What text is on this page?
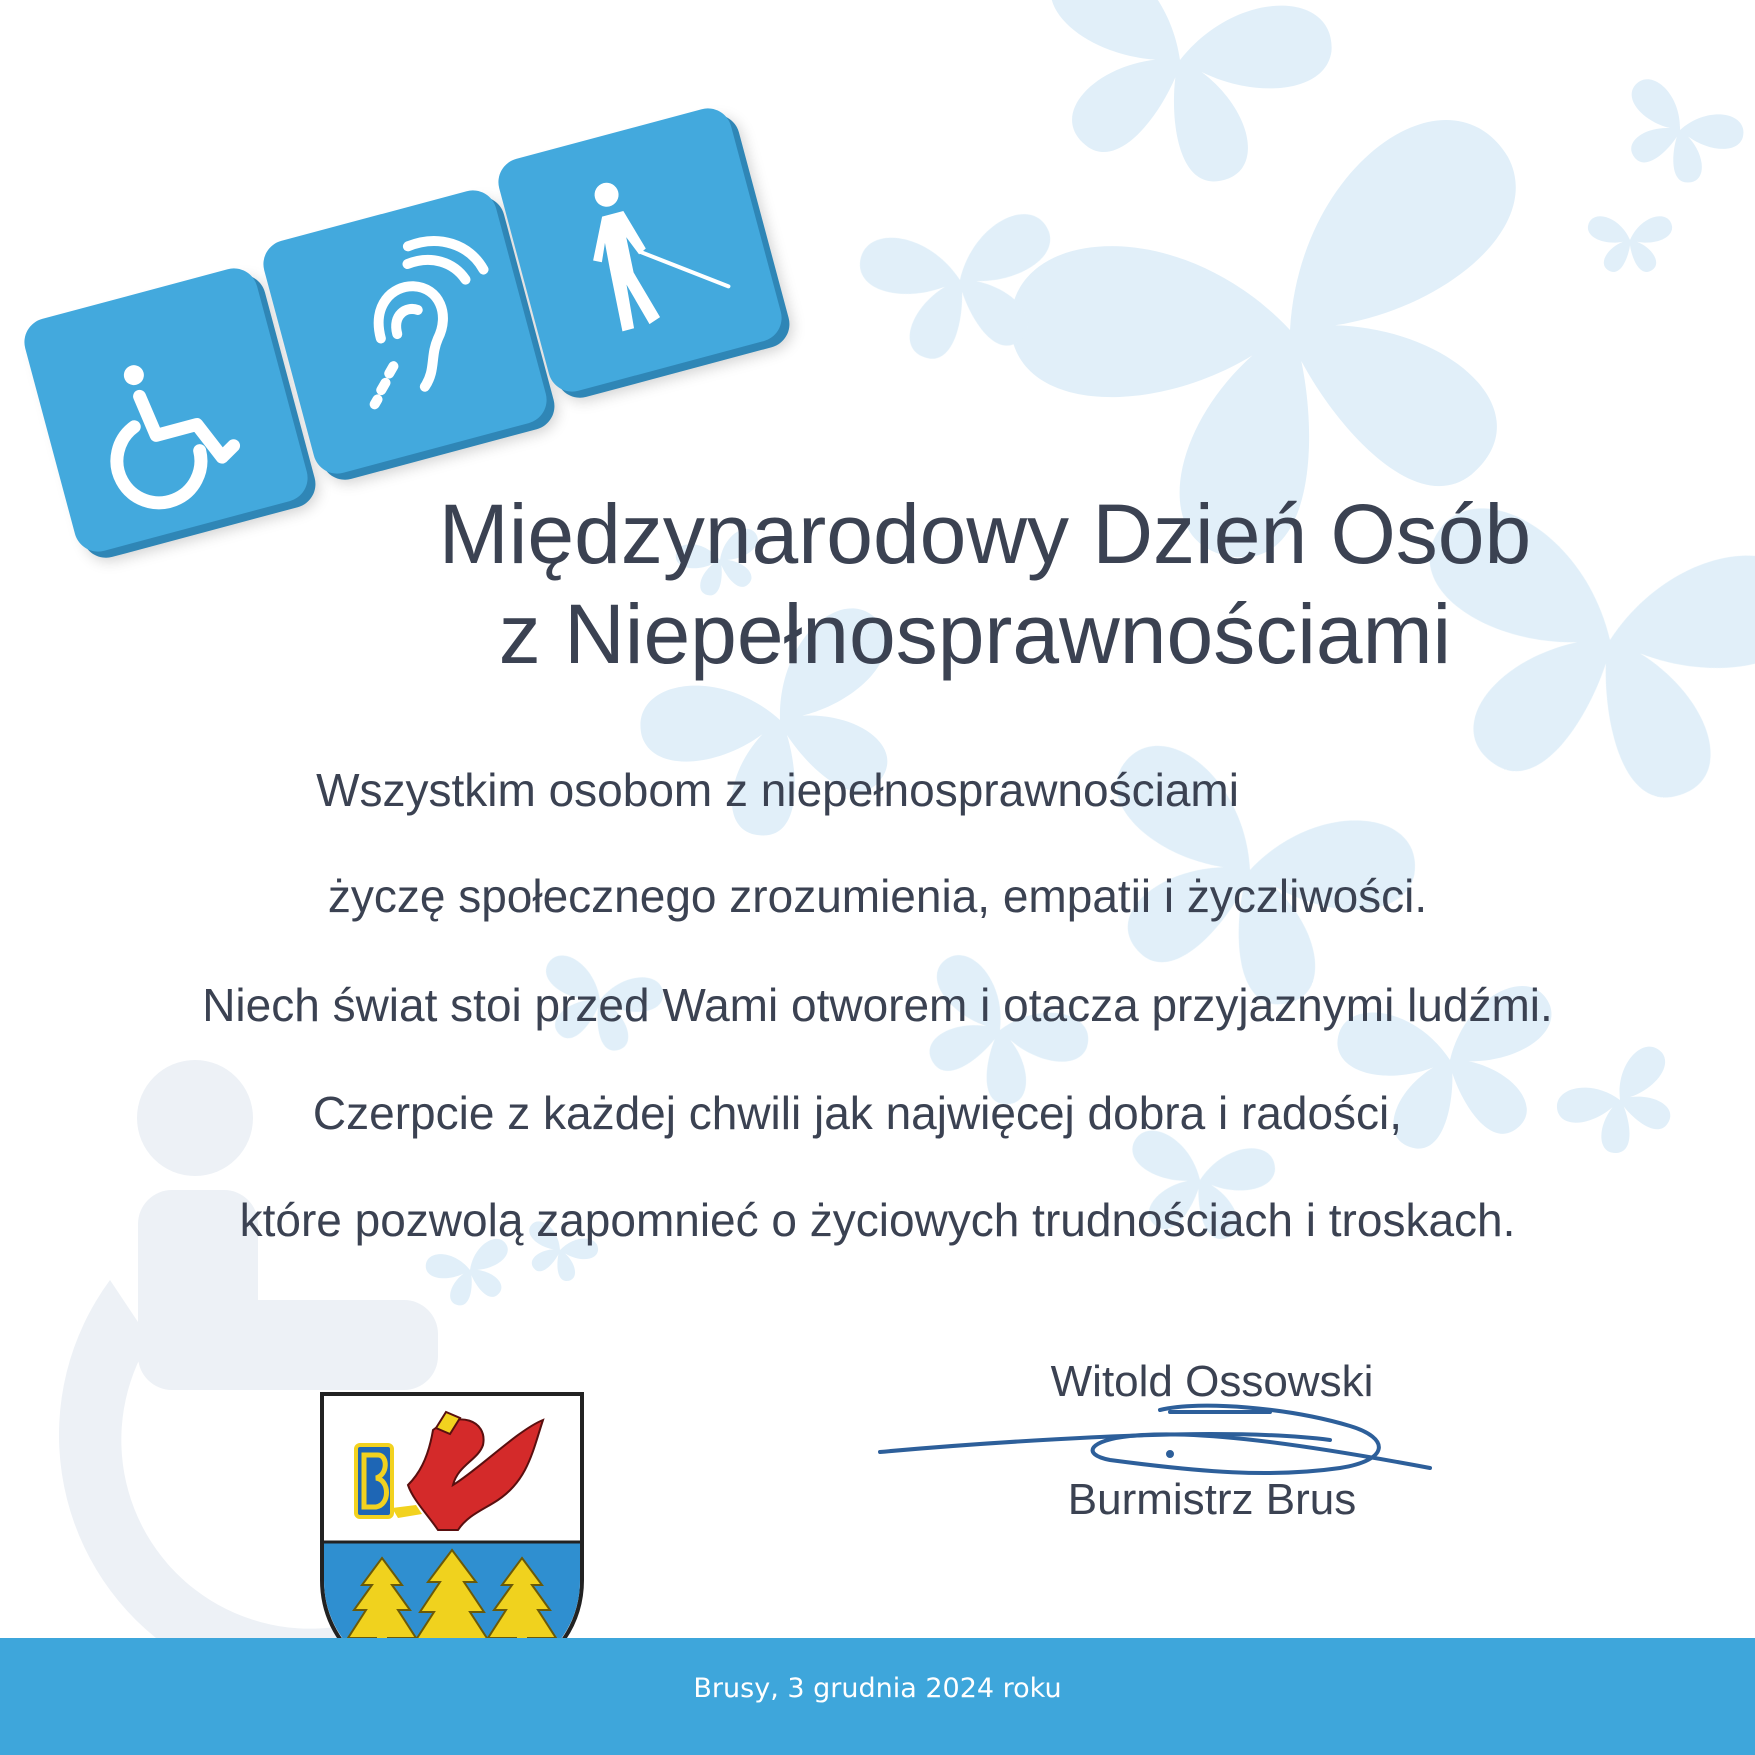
Międzynarodowy Dzień Osób
z Niepełnosprawnościami
Wszystkim osobom z niepełnosprawnościami
życzę społecznego zrozumienia, empatii i życzliwości.
Niech świat stoi przed Wami otworem i otacza przyjaznymi ludźmi.
Czerpcie z każdej chwili jak najwięcej dobra i radości,
które pozwolą zapomnieć o życiowych trudnościach i troskach.
Witold Ossowski
Burmistrz Brus
Brusy, 3 grudnia 2024 roku
